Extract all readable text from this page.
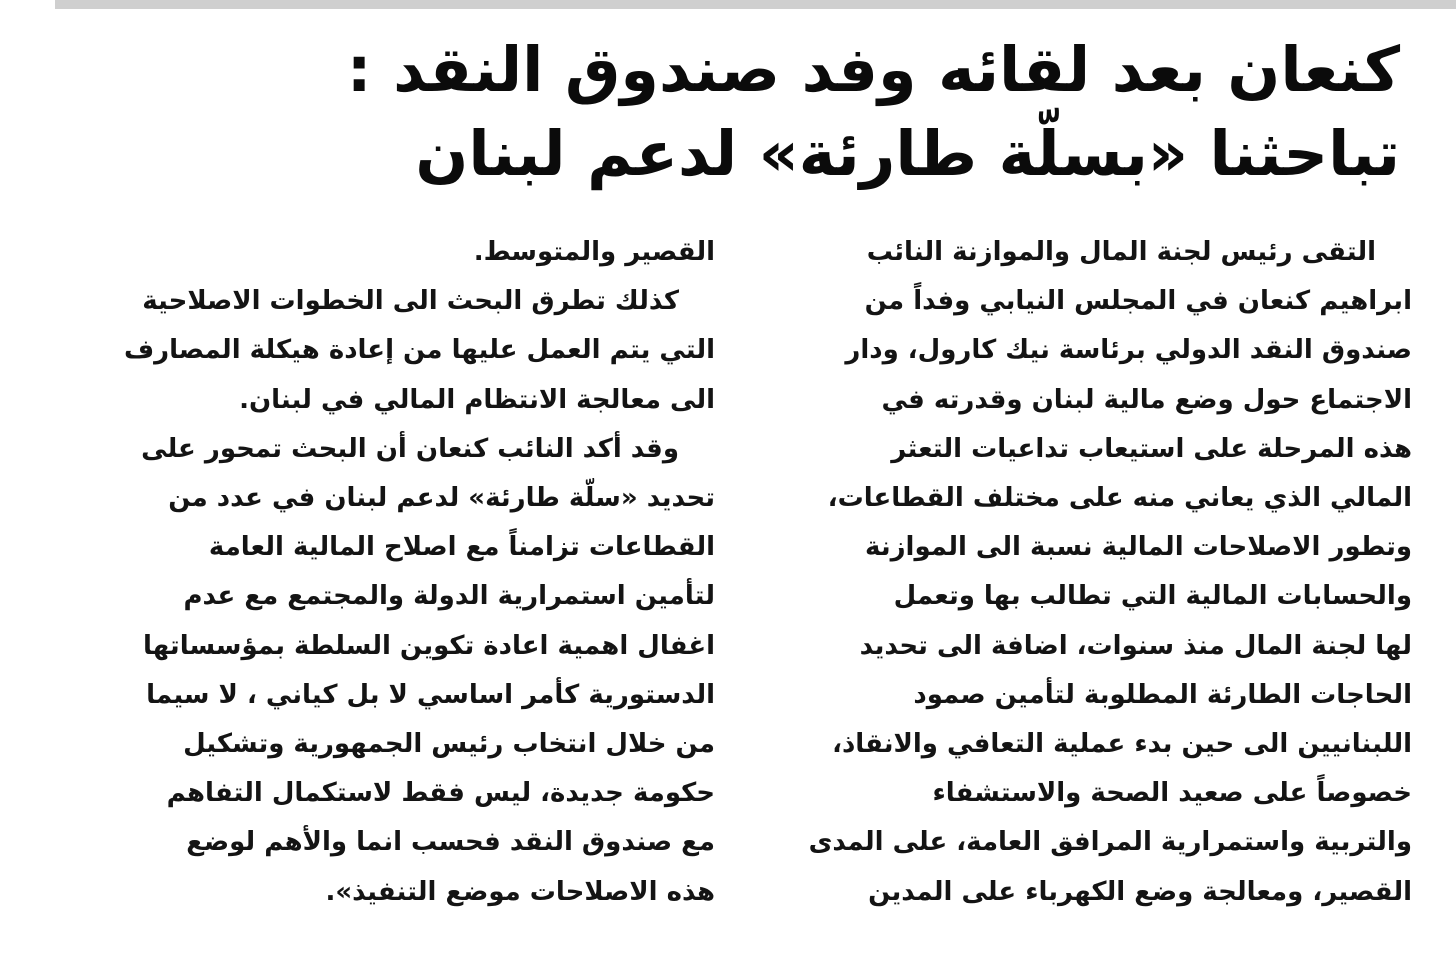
كنعان بعد لقائه وفد صندوق النقد :
تباحثنا «بسلّة طارئة» لدعم لبنان
التقى رئيس لجنة المال والموازنة النائب
ابراهيم كنعان في المجلس النيابي وفداً من
صندوق النقد الدولي برئاسة نيك كارول، ودار
الاجتماع حول وضع مالية لبنان وقدرته في
هذه المرحلة على استيعاب تداعيات التعثر
المالي الذي يعاني منه على مختلف القطاعات،
وتطور الاصلاحات المالية نسبة الى الموازنة
والحسابات المالية التي تطالب بها وتعمل
لها لجنة المال منذ سنوات، اضافة الى تحديد
الحاجات الطارئة المطلوبة لتأمين صمود
اللبنانيين الى حين بدء عملية التعافي والانقاذ،
خصوصاً على صعيد الصحة والاستشفاء
والتربية واستمرارية المرافق العامة، على المدى
القصير، ومعالجة وضع الكهرباء على المدين
القصير والمتوسط.
كذلك تطرق البحث الى الخطوات الاصلاحية
التي يتم العمل عليها من إعادة هيكلة المصارف
الى معالجة الانتظام المالي في لبنان.
وقد أكد النائب كنعان أن البحث تمحور على
تحديد «سلّة طارئة» لدعم لبنان في عدد من
القطاعات تزامناً مع اصلاح المالية العامة
لتأمين استمرارية الدولة والمجتمع مع عدم
اغفال اهمية اعادة تكوين السلطة بمؤسساتها
الدستورية كأمر اساسي لا بل كياني ، لا سيما
من خلال انتخاب رئيس الجمهورية وتشكيل
حكومة جديدة، ليس فقط لاستكمال التفاهم
مع صندوق النقد فحسب انما والأهم لوضع
هذه الاصلاحات موضع التنفيذ».
